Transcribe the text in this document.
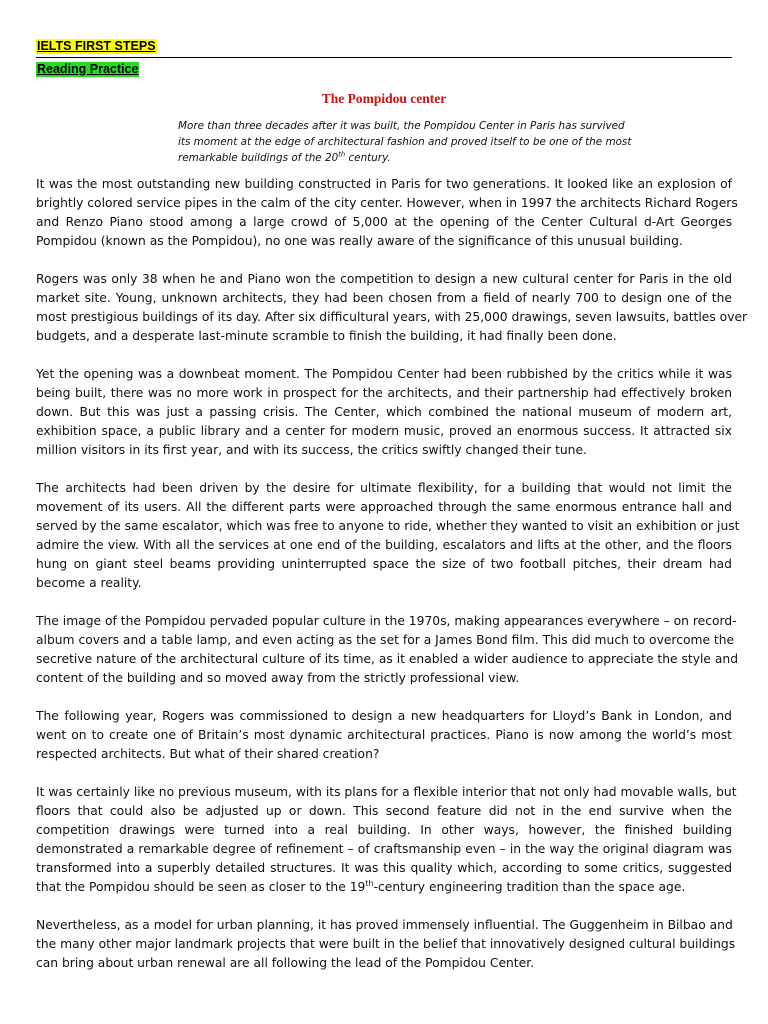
IELTS FIRST STEPS
Reading Practice
The Pompidou center

More than three decades after it was built, the Pompidou Center in Paris has survived

its moment at the edge of architectural fashion and proved itself to be one of the most

remarkable buildings of the 20th century.

It was the most outstanding new building constructed in Paris for two generations. It looked like an explosion of
brightly colored service pipes in the calm of the city center. However, when in 1997 the architects Richard Rogers
and Renzo Piano stood among a large crowd of 5,000 at the opening of the Center Cultural d-Art Georges
Pompidou (known as the Pompidou), no one was really aware of the significance of this unusual building.
Rogers was only 38 when he and Piano won the competition to design a new cultural center for Paris in the old
market site. Young, unknown architects, they had been chosen from a field of nearly 700 to design one of the
most prestigious buildings of its day. After six difficultural years, with 25,000 drawings, seven lawsuits, battles over
budgets, and a desperate last-minute scramble to finish the building, it had finally been done.
Yet the opening was a downbeat moment. The Pompidou Center had been rubbished by the critics while it was
being built, there was no more work in prospect for the architects, and their partnership had effectively broken
down. But this was just a passing crisis. The Center, which combined the national museum of modern art,
exhibition space, a public library and a center for modern music, proved an enormous success. It attracted six
million visitors in its first year, and with its success, the critics swiftly changed their tune.
The architects had been driven by the desire for ultimate flexibility, for a building that would not limit the
movement of its users. All the different parts were approached through the same enormous entrance hall and
served by the same escalator, which was free to anyone to ride, whether they wanted to visit an exhibition or just
admire the view. With all the services at one end of the building, escalators and lifts at the other, and the floors
hung on giant steel beams providing uninterrupted space the size of two football pitches, their dream had
become a reality.
The image of the Pompidou pervaded popular culture in the 1970s, making appearances everywhere – on record-
album covers and a table lamp, and even acting as the set for a James Bond film. This did much to overcome the
secretive nature of the architectural culture of its time, as it enabled a wider audience to appreciate the style and
content of the building and so moved away from the strictly professional view.
The following year, Rogers was commissioned to design a new headquarters for Lloyd’s Bank in London, and
went on to create one of Britain’s most dynamic architectural practices. Piano is now among the world’s most
respected architects. But what of their shared creation?
It was certainly like no previous museum, with its plans for a flexible interior that not only had movable walls, but
floors that could also be adjusted up or down. This second feature did not in the end survive when the
competition drawings were turned into a real building. In other ways, however, the finished building
demonstrated a remarkable degree of refinement – of craftsmanship even – in the way the original diagram was
transformed into a superbly detailed structures. It was this quality which, according to some critics, suggested
that the Pompidou should be seen as closer to the 19th-century engineering tradition than the space age.
Nevertheless, as a model for urban planning, it has proved immensely influential. The Guggenheim in Bilbao and
the many other major landmark projects that were built in the belief that innovatively designed cultural buildings
can bring about urban renewal are all following the lead of the Pompidou Center.
